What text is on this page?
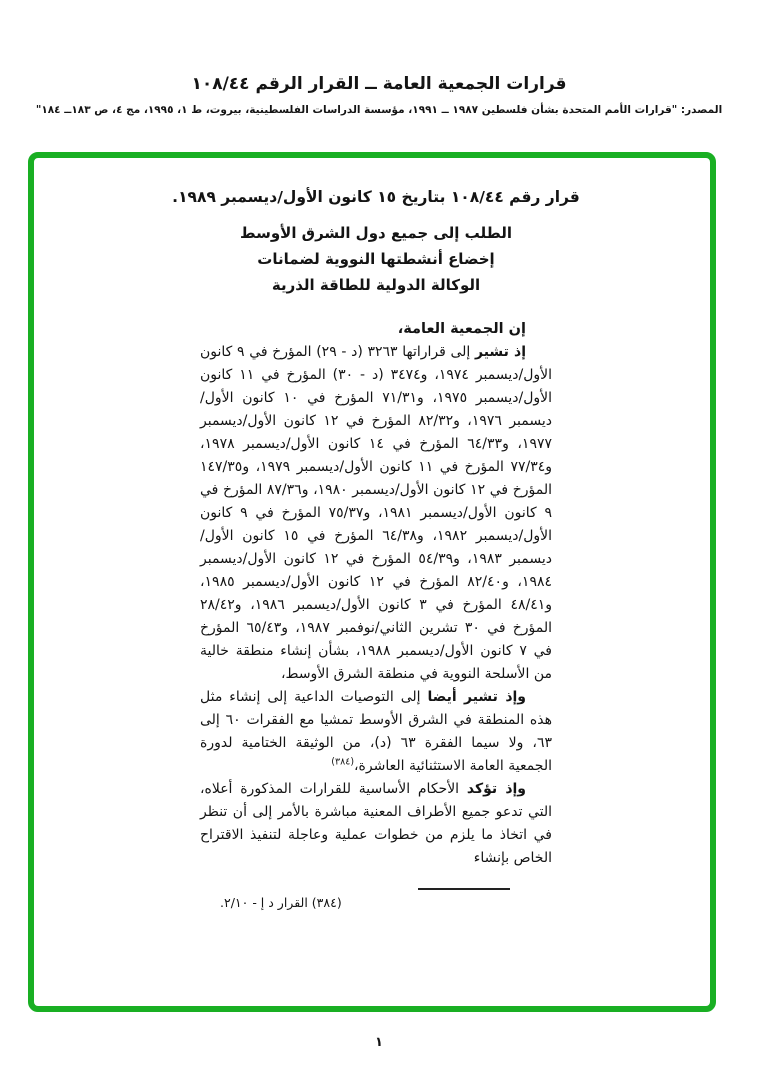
قرارات الجمعية العامة ــ القرار الرقم ١٠٨/٤٤
المصدر: "قرارات الأمم المتحدة بشأن فلسطين ١٩٨٧ ــ ١٩٩١، مؤسسة الدراسات الفلسطينية، بيروت، ط ١، ١٩٩٥، مج ٤، ص ١٨٣ــ ١٨٤"
قرار رقم ١٠٨/٤٤ بتاريخ ١٥ كانون الأول/ديسمبر ١٩٨٩.
الطلب إلى جميع دول الشرق الأوسط
إخضاع أنشطتها النووية لضمانات
الوكالة الدولية للطاقة الذرية

إن الجمعية العامة،

إذ تشير إلى قراراتها ٣٢٦٣ (د - ٢٩) المؤرخ في ٩ كانون الأول/ديسمبر ١٩٧٤، و٣٤٧٤ (د - ٣٠) المؤرخ في ١١ كانون الأول/ديسمبر ١٩٧٥، و٧١/٣١ المؤرخ في ١٠ كانون الأول/ديسمبر ١٩٧٦، و٨٢/٣٢ المؤرخ في ١٢ كانون الأول/ديسمبر ١٩٧٧، و٦٤/٣٣ المؤرخ في ١٤ كانون الأول/ديسمبر ١٩٧٨، و٧٧/٣٤ المؤرخ في ١١ كانون الأول/ديسمبر ١٩٧٩، و١٤٧/٣٥ المؤرخ في ١٢ كانون الأول/ديسمبر ١٩٨٠، و٨٧/٣٦ المؤرخ في ٩ كانون الأول/ديسمبر ١٩٨١، و٧٥/٣٧ المؤرخ في ٩ كانون الأول/ديسمبر ١٩٨٢، و٦٤/٣٨ المؤرخ في ١٥ كانون الأول/ديسمبر ١٩٨٣، و٥٤/٣٩ المؤرخ في ١٢ كانون الأول/ديسمبر ١٩٨٤، و٨٢/٤٠ المؤرخ في ١٢ كانون الأول/ديسمبر ١٩٨٥، و٤٨/٤١ المؤرخ في ٣ كانون الأول/ديسمبر ١٩٨٦، و٢٨/٤٢ المؤرخ في ٣٠ تشرين الثاني/نوفمبر ١٩٨٧، و٦٥/٤٣ المؤرخ في ٧ كانون الأول/ديسمبر ١٩٨٨، بشأن إنشاء منطقة خالية من الأسلحة النووية في منطقة الشرق الأوسط،

وإذ تشير أيضا إلى التوصيات الداعية إلى إنشاء مثل هذه المنطقة في الشرق الأوسط تمشيا مع الفقرات ٦٠ إلى ٦٣، ولا سيما الفقرة ٦٣ (د)، من الوثيقة الختامية لدورة الجمعية العامة الاستثنائية العاشرة،$^{(٣٨٤)}$

وإذ تؤكد الأحكام الأساسية للقرارات المذكورة أعلاه، التي تدعو جميع الأطراف المعنية مباشرة بالأمر إلى أن تنظر في اتخاذ ما يلزم من خطوات عملية وعاجلة لتنفيذ الاقتراح الخاص بإنشاء

(٣٨٤) القرار د إ - ٢/١٠.
١
